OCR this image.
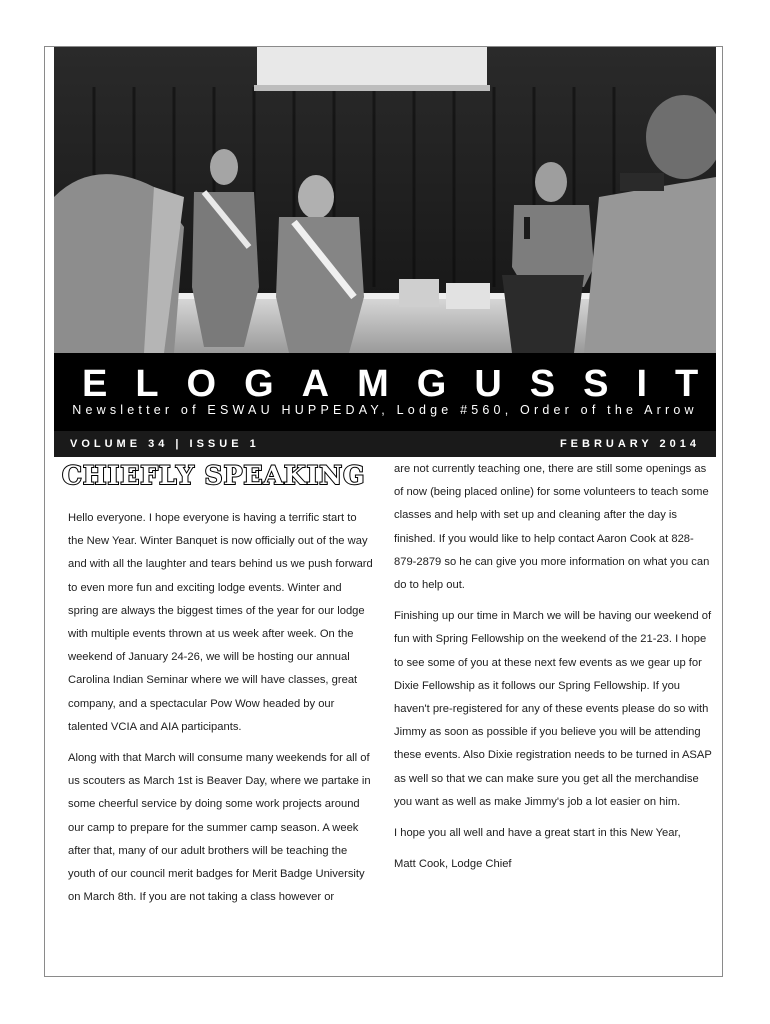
ELOGAMGUSSIT
Newsletter of ESWAU HUPPEDAY, Lodge #560, Order of the Arrow
VOLUME 34 | ISSUE 1	FEBRUARY 2014
CHIEFLY SPEAKING

Hello everyone. I hope everyone is having a terrific start to the New Year. Winter Banquet is now officially out of the way and with all the laughter and tears behind us we push forward to even more fun and exciting lodge events. Winter and spring are always the biggest times of the year for our lodge with multiple events thrown at us week after week. On the weekend of January 24-26, we will be hosting our annual Carolina Indian Seminar where we will have classes, great company, and a spectacular Pow Wow headed by our talented VCIA and AIA participants.

Along with that March will consume many weekends for all of us scouters as March 1st is Beaver Day, where we partake in some cheerful service by doing some work projects around our camp to prepare for the summer camp season. A week after that, many of our adult brothers will be teaching the youth of our council merit badges for Merit Badge University on March 8th. If you are not taking a class however or

are not currently teaching one, there are still some openings as of now (being placed online) for some volunteers to teach some classes and help with set up and cleaning after the day is finished. If you would like to help contact Aaron Cook at 828-879-2879 so he can give you more information on what you can do to help out.

Finishing up our time in March we will be having our weekend of fun with Spring Fellowship on the weekend of the 21-23. I hope to see some of you at these next few events as we gear up for Dixie Fellowship as it follows our Spring Fellowship. If you haven't pre-registered for any of these events please do so with Jimmy as soon as possible if you believe you will be attending these events. Also Dixie registration needs to be turned in ASAP as well so that we can make sure you get all the merchandise you want as well as make Jimmy's job a lot easier on him.

I hope you all well and have a great start in this New Year,

Matt Cook, Lodge Chief
